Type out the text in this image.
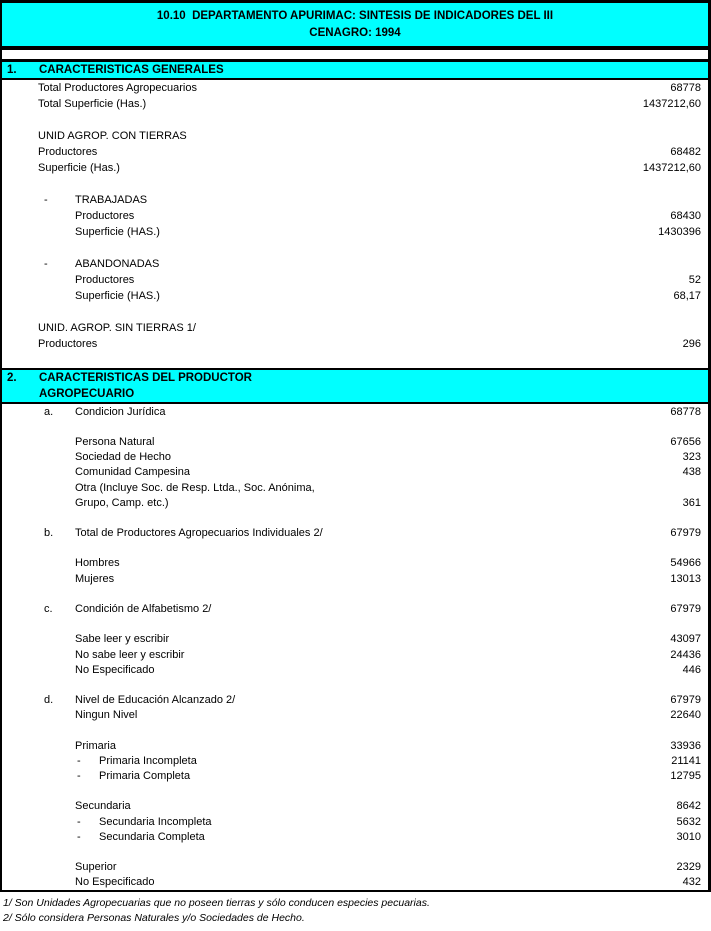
10.10  DEPARTAMENTO APURIMAC: SINTESIS DE INDICADORES DEL III
CENAGRO: 1994
1.	CARACTERISTICAS GENERALES
Total Productores Agropecuarios	68778
Total Superficie (Has.)	1437212,60
UNID AGROP. CON TIERRAS
Productores	68482
Superficie (Has.)	1437212,60
-	TRABAJADAS
Productores	68430
Superficie (HAS.)	1430396
-	ABANDONADAS
Productores	52
Superficie (HAS.)	68,17
UNID. AGROP. SIN TIERRAS 1/
Productores	296
2.	CARACTERISTICAS DEL PRODUCTOR
AGROPECUARIO
a.	Condicion Jurídica	68778
Persona Natural	67656
Sociedad de Hecho	323
Comunidad Campesina	438
Otra (Incluye Soc. de Resp. Ltda., Soc. Anónima,
Grupo, Camp. etc.)	361
b.	Total de Productores Agropecuarios Individuales 2/	67979
Hombres	54966
Mujeres	13013
c.	Condición de Alfabetismo 2/	67979
Sabe leer y escribir	43097
No sabe leer y escribir	24436
No Especificado	446
d.	Nivel de Educación Alcanzado 2/	67979
Ningun Nivel	22640
Primaria	33936
-	Primaria Incompleta	21141
-	Primaria Completa	12795
Secundaria	8642
-	Secundaria Incompleta	5632
-	Secundaria Completa	3010
Superior	2329
No Especificado	432
1/ Son Unidades Agropecuarias que no poseen tierras y sólo conducen especies pecuarias.
2/ Sólo considera Personas Naturales y/o Sociedades de Hecho.
